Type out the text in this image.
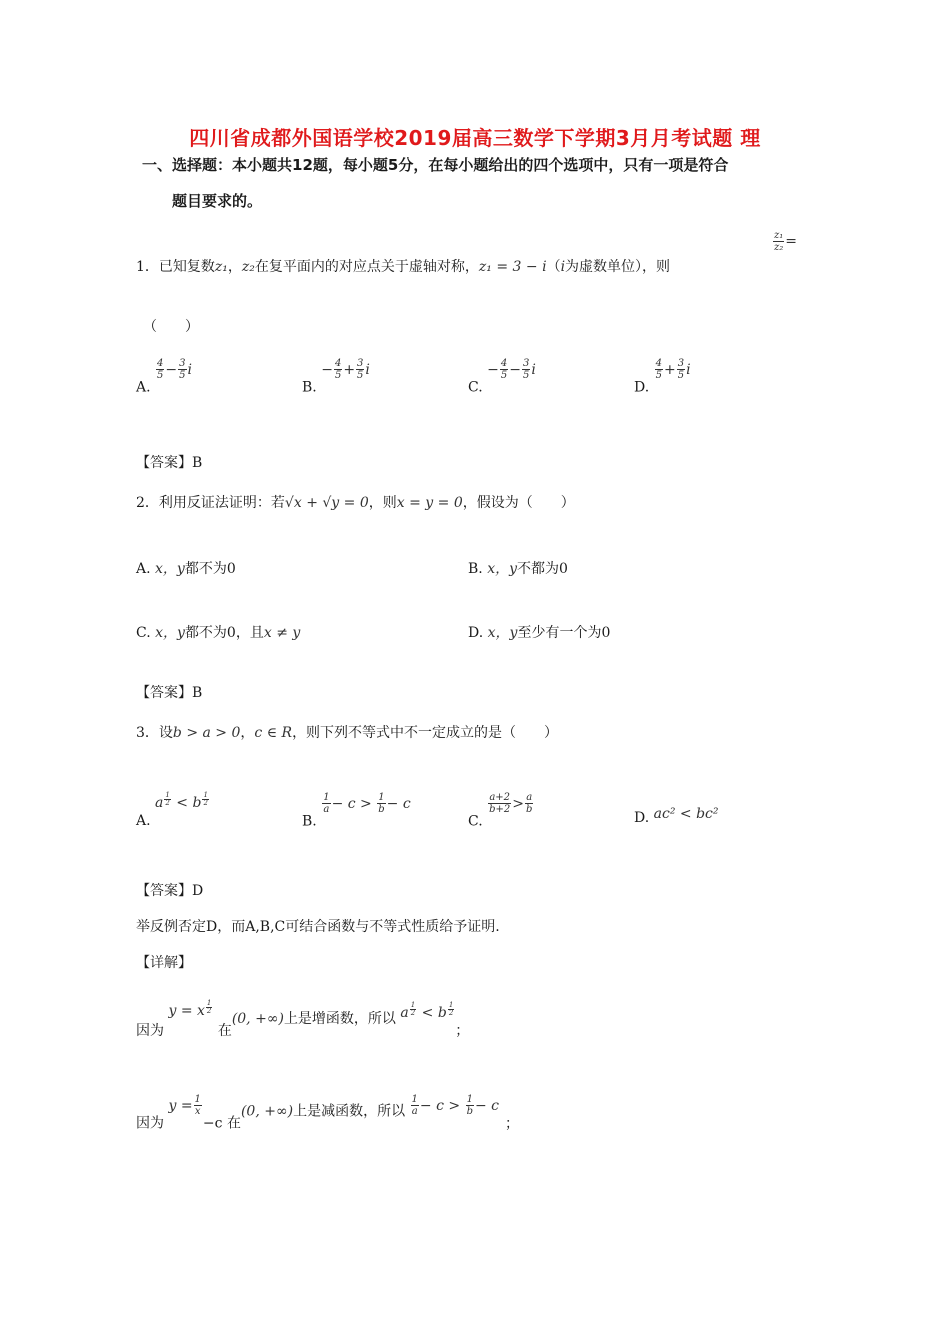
四川省成都外国语学校2019届高三数学下学期3月月考试题 理
一、选择题：本小题共12题，每小题5分，在每小题给出的四个选项中，只有一项是符合
题目要求的。
1．已知复数z₁，z₂在复平面内的对应点关于虚轴对称，z₁ = 3 − i（i为虚数单位），则
$\frac{\text{z₁}}{\text{z₂}}$ =
（　　）
A.
$\frac{4}{5} - \frac{3}{5}$ i
B. − $\frac{4}{5} + \frac{3}{5}$ i
C. − $\frac{4}{5} - \frac{3}{5}$ i
D.
$\frac{4}{5} + \frac{3}{5}$ i
【答案】B
2．利用反证法证明：若√x + √y = 0，则x = y = 0，假设为（　　）
A. x，y都不为0	B. x，y不都为0
C. x，y都不为0，且x ≠ y	D. x，y至少有一个为0
【答案】B
3．设b > a > 0，c ∈ R，则下列不等式中不一定成立的是（　　）
A. a $^{\frac{1}{2}}$ < b $^{\frac{1}{2}}$
B.
$\frac{1}{a} - c > \frac{1}{b} - c$
C.
$\frac{a+2}{b+2} > \frac{a}{b}$
D. ac² < bc²
【答案】D
举反例否定D，而A,B,C可结合函数与不等式性质给予证明.
【详解】
因为 y = x $^{\frac{1}{2}}$
在(0, +∞)上是增函数，所以 a $^{\frac{1}{2}}$ < b $^{\frac{1}{2}}$
；
因为 $y = \frac{1}{x}$
−c 在(0, +∞)上是减函数，所以 $\frac{1}{a} - c > \frac{1}{b} - c$；
